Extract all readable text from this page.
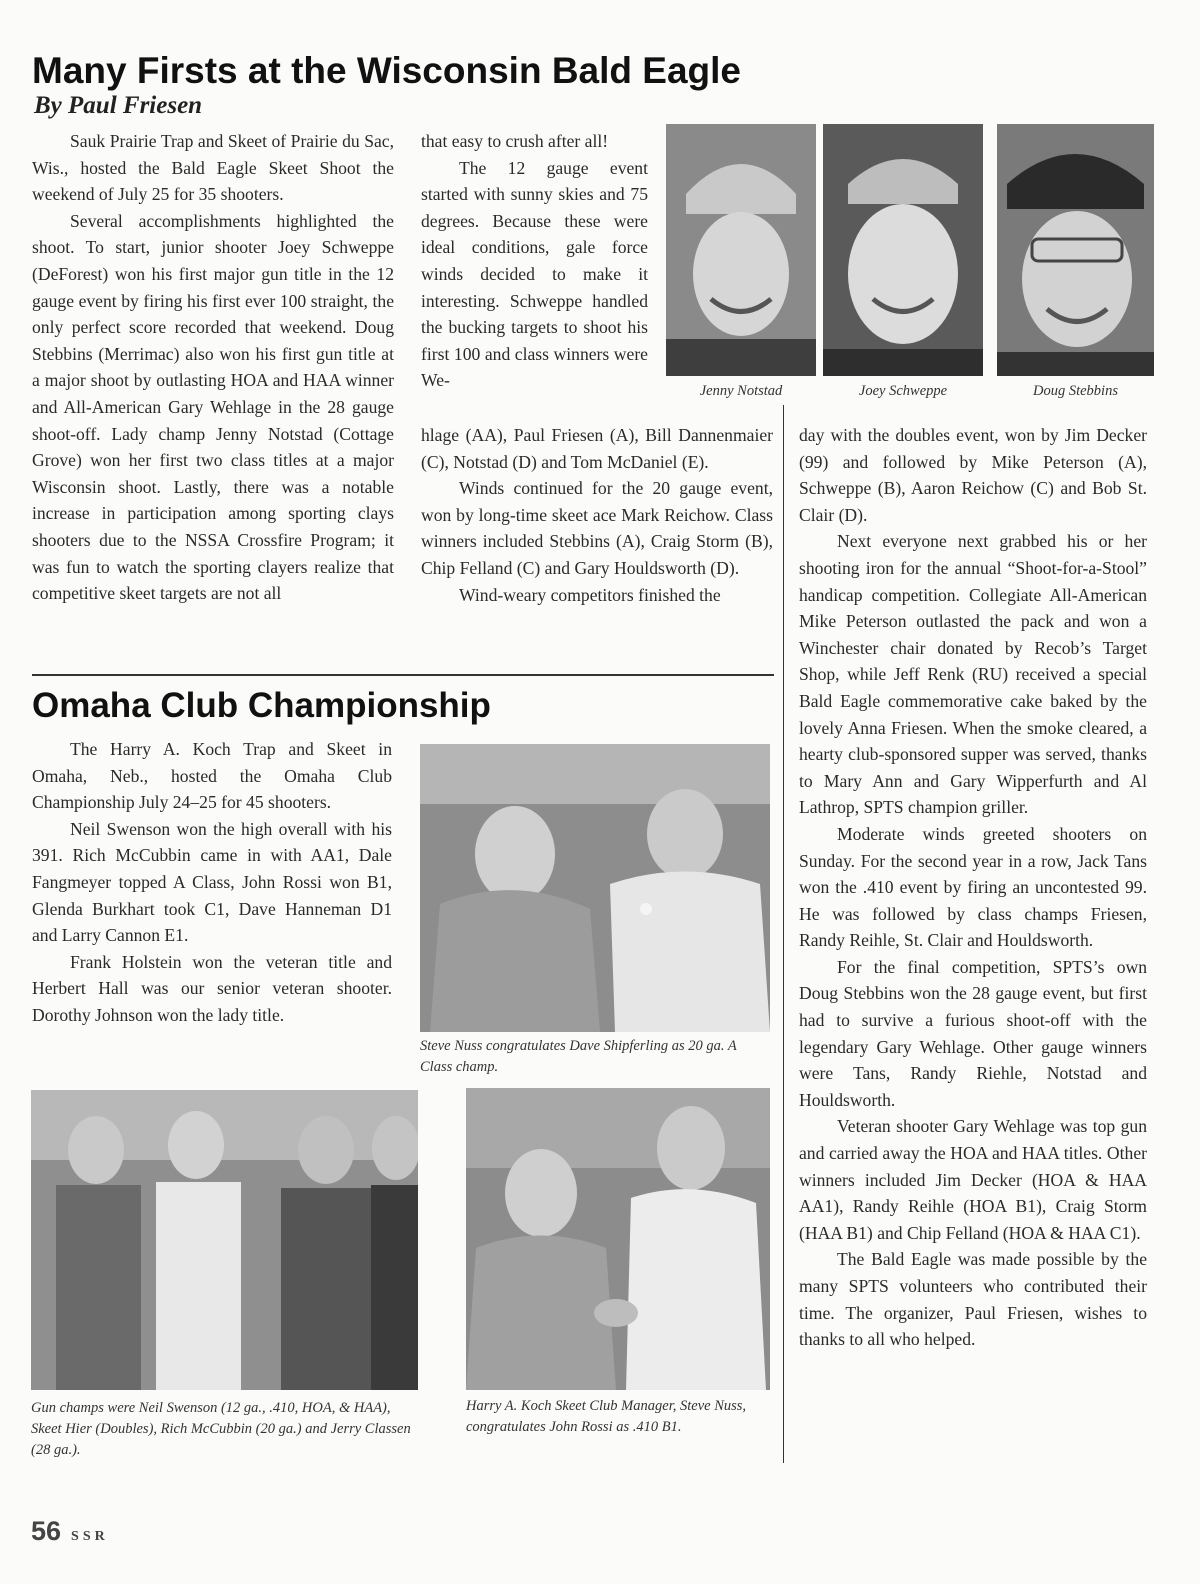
Many Firsts at the Wisconsin Bald Eagle
By Paul Friesen

Sauk Prairie Trap and Skeet of Prairie du Sac, Wis., hosted the Bald Eagle Skeet Shoot the weekend of July 25 for 35 shooters.

Several accomplishments highlighted the shoot. To start, junior shooter Joey Schweppe (DeForest) won his first major gun title in the 12 gauge event by firing his first ever 100 straight, the only perfect score recorded that weekend. Doug Stebbins (Merrimac) also won his first gun title at a major shoot by outlasting HOA and HAA winner and All-American Gary Wehlage in the 28 gauge shoot-off. Lady champ Jenny Notstad (Cottage Grove) won her first two class titles at a major Wisconsin shoot. Lastly, there was a notable increase in participation among sporting clays shooters due to the NSSA Crossfire Program; it was fun to watch the sporting clayers realize that competitive skeet targets are not all

that easy to crush after all!

The 12 gauge event started with sunny skies and 75 degrees. Because these were ideal conditions, gale force winds decided to make it interesting. Schweppe handled the bucking targets to shoot his first 100 and class winners were We-

hlage (AA), Paul Friesen (A), Bill Dannenmaier (C), Notstad (D) and Tom McDaniel (E).

Winds continued for the 20 gauge event, won by long-time skeet ace Mark Reichow. Class winners included Stebbins (A), Craig Storm (B), Chip Felland (C) and Gary Houldsworth (D).

Wind-weary competitors finished the

Jenny Notstad	Joey Schweppe	Doug Stebbins

day with the doubles event, won by Jim Decker (99) and followed by Mike Peterson (A), Schweppe (B), Aaron Reichow (C) and Bob St. Clair (D).

Next everyone next grabbed his or her shooting iron for the annual “Shoot-for-a-Stool” handicap competition. Collegiate All-American Mike Peterson outlasted the pack and won a Winchester chair donated by Recob’s Target Shop, while Jeff Renk (RU) received a special Bald Eagle commemorative cake baked by the lovely Anna Friesen. When the smoke cleared, a hearty club-sponsored supper was served, thanks to Mary Ann and Gary Wipperfurth and Al Lathrop, SPTS champion griller.

Moderate winds greeted shooters on Sunday. For the second year in a row, Jack Tans won the .410 event by firing an uncontested 99. He was followed by class champs Friesen, Randy Reihle, St. Clair and Houldsworth.

For the final competition, SPTS’s own Doug Stebbins won the 28 gauge event, but first had to survive a furious shoot-off with the legendary Gary Wehlage. Other gauge winners were Tans, Randy Riehle, Notstad and Houldsworth.

Veteran shooter Gary Wehlage was top gun and carried away the HOA and HAA titles. Other winners included Jim Decker (HOA & HAA AA1), Randy Reihle (HOA B1), Craig Storm (HAA B1) and Chip Felland (HOA & HAA C1).

The Bald Eagle was made possible by the many SPTS volunteers who contributed their time. The organizer, Paul Friesen, wishes to thanks to all who helped.

Omaha Club Championship

The Harry A. Koch Trap and Skeet in Omaha, Neb., hosted the Omaha Club Championship July 24–25 for 45 shooters.

Neil Swenson won the high overall with his 391. Rich McCubbin came in with AA1, Dale Fangmeyer topped A Class, John Rossi won B1, Glenda Burkhart took C1, Dave Hanneman D1 and Larry Cannon E1.

Frank Holstein won the veteran title and Herbert Hall was our senior veteran shooter. Dorothy Johnson won the lady title.

Steve Nuss congratulates Dave Shipferling as 20 ga. A Class champ.
Gun champs were Neil Swenson (12 ga., .410, HOA, & HAA), Skeet Hier (Doubles), Rich McCubbin (20 ga.) and Jerry Classen (28 ga.).
Harry A. Koch Skeet Club Manager, Steve Nuss, congratulates John Rossi as .410 B1.
56 SSR
